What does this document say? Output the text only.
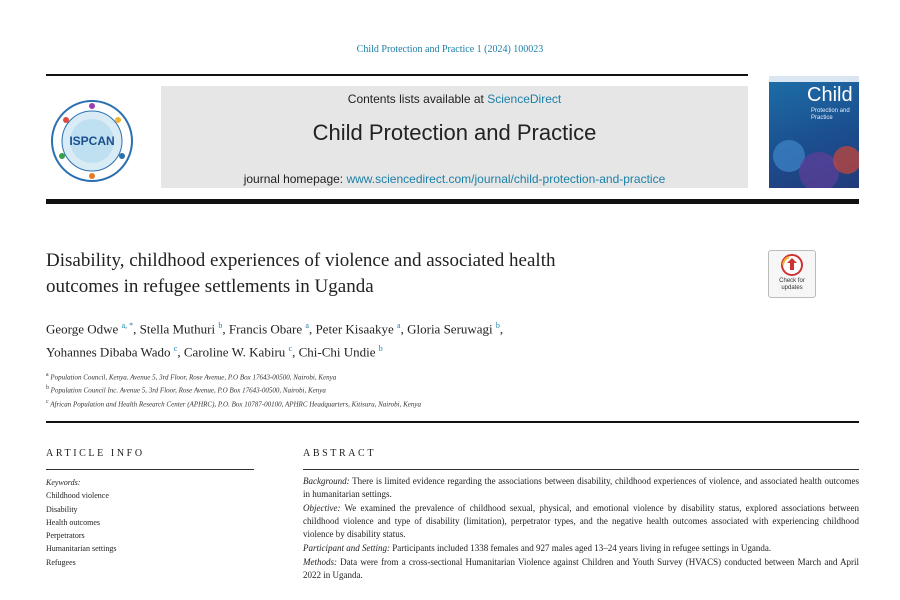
Child Protection and Practice 1 (2024) 100023
ISPCAN
Contents lists available at ScienceDirect
Child Protection and Practice
journal homepage: www.sciencedirect.com/journal/child-protection-and-practice
Child
Protection and Practice
Disability, childhood experiences of violence and associated health
outcomes in refugee settlements in Uganda	Check for
updates
George Odwe $^{a, *}$, Stella Muthuri $^b$, Francis Obare $^a$, Peter Kisaakye $^a$, Gloria Seruwagi $^b$,
Yohannes Dibaba Wado $^c$, Caroline W. Kabiru $^c$, Chi-Chi Undie $^b$
$^a$ Population Council, Kenya. Avenue 5, 3rd Floor, Rose Avenue, P.O Box 17643-00500, Nairobi, Kenya
$^b$ Population Council Inc. Avenue 5, 3rd Floor, Rose Avenue, P.O Box 17643-00500, Nairobi, Kenya
$^c$ African Population and Health Research Center (APHRC), P.O. Box 10787-00100, APHRC Headquarters, Kitisuru, Nairobi, Kenya
ARTICLE INFO
Keywords:
Childhood violence
Disability
Health outcomes
Perpetrators
Humanitarian settings
Refugees
ABSTRACT

Background: There is limited evidence regarding the associations between disability, childhood experiences of violence, and associated health outcomes in humanitarian settings.

Objective: We examined the prevalence of childhood sexual, physical, and emotional violence by disability status, explored associations between childhood violence and type of disability (limitation), perpetrator types, and the negative health outcomes associated with experiencing childhood violence by disability status.

Participant and Setting: Participants included 1338 females and 927 males aged 13–24 years living in refugee settings in Uganda.

Methods: Data were from a cross-sectional Humanitarian Violence against Children and Youth Survey (HVACS) conducted between March and April 2022 in Uganda.
